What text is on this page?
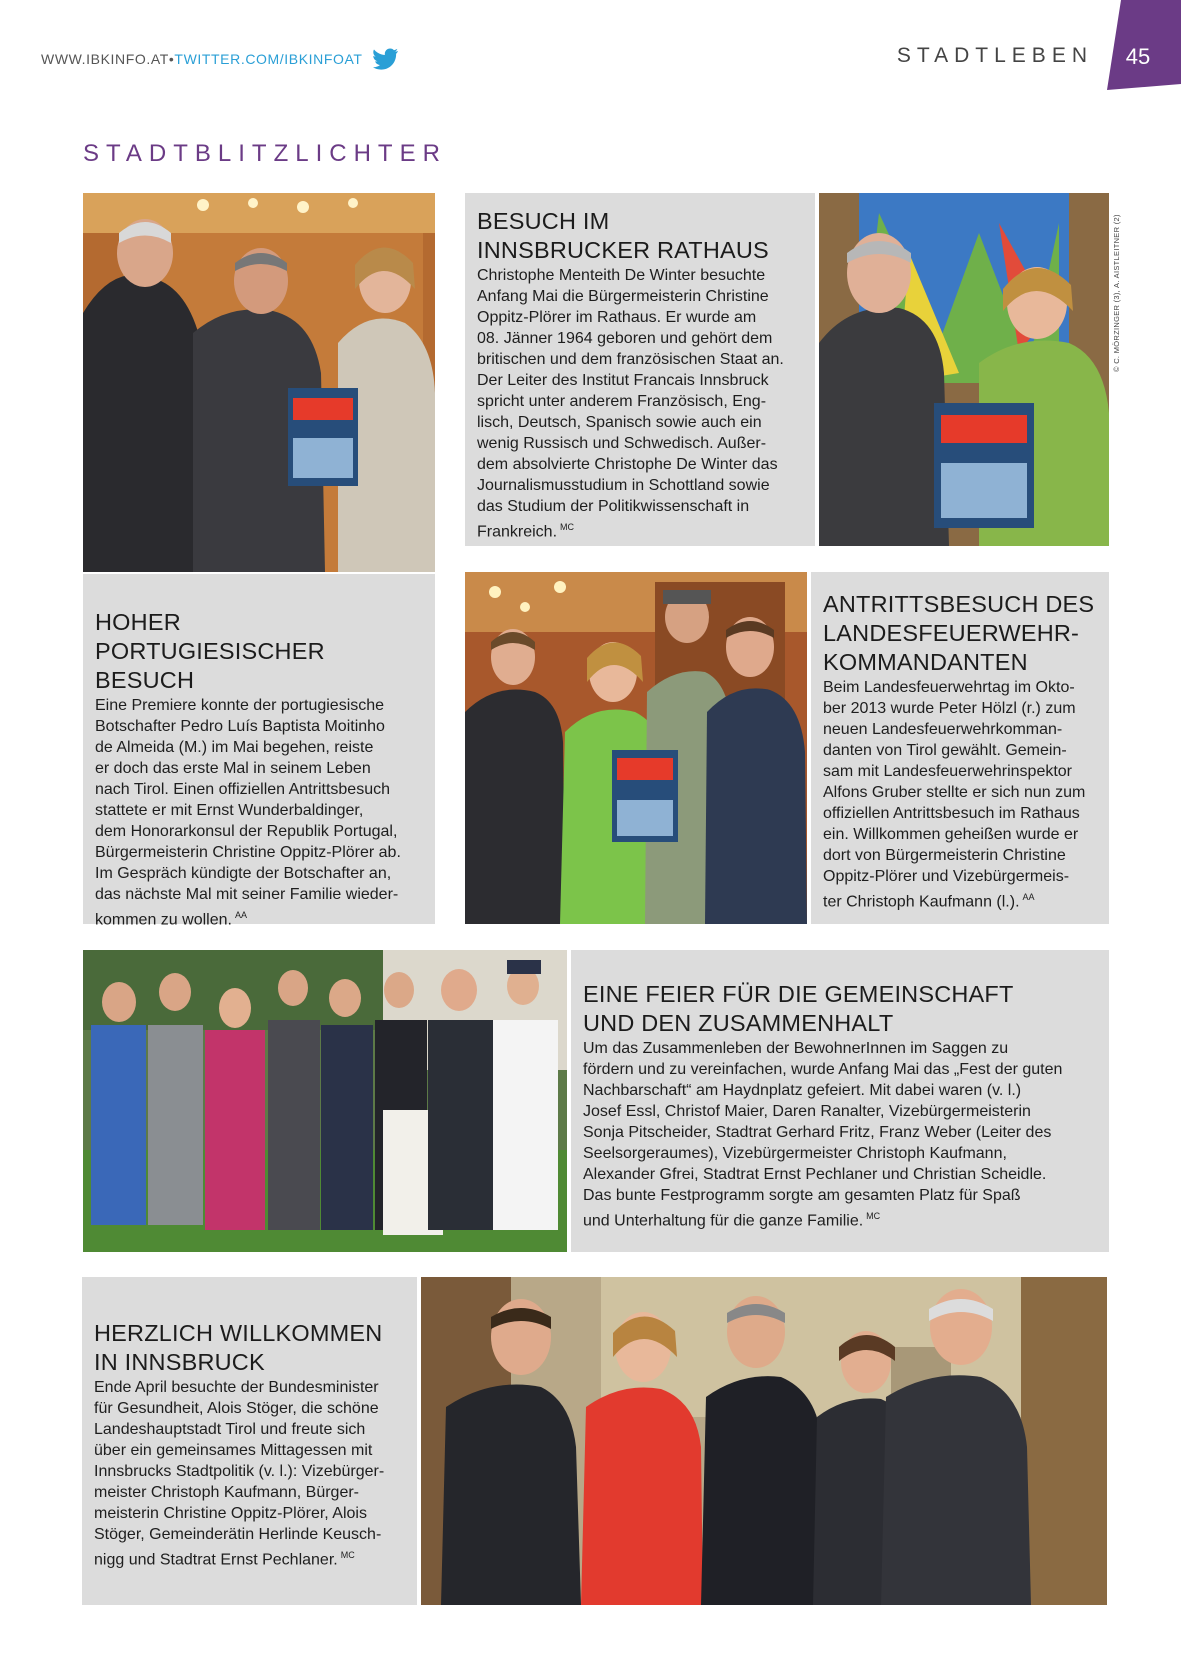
WWW.IBKINFO.AT • TWITTER.COM/IBKINFOAT	STADTLEBEN	45
STADTBLITZLICHTER
BESUCH IM
INNSBRUCKER RATHAUS

Christophe Menteith De Winter besuchte
Anfang Mai die Bürgermeisterin Christine
Oppitz-Plörer im Rathaus. Er wurde am
08. Jänner 1964 geboren und gehört dem
britischen und dem französischen Staat an.
Der Leiter des Institut Francais Innsbruck
spricht unter anderem Französisch, Eng-
lisch, Deutsch, Spanisch sowie auch ein
wenig Russisch und Schwedisch. Außer-
dem absolvierte Christophe De Winter das
Journalismusstudium in Schottland sowie
das Studium der Politikwissenschaft in
Frankreich. $^{MC}$

© C. MÖRZINGER (3), A. AISTLEITNER (2)
HOHER
PORTUGIESISCHER BESUCH

Eine Premiere konnte der portugiesische
Botschafter Pedro Luís Baptista Moitinho
de Almeida (M.) im Mai begehen, reiste
er doch das erste Mal in seinem Leben
nach Tirol. Einen offiziellen Antrittsbesuch
stattete er mit Ernst Wunderbaldinger,
dem Honorarkonsul der Republik Portugal,
Bürgermeisterin Christine Oppitz-Plörer ab.
Im Gespräch kündigte der Botschafter an,
das nächste Mal mit seiner Familie wieder-
kommen zu wollen. $^{AA}$

ANTRITTSBESUCH DES
LANDESFEUERWEHR-
KOMMANDANTEN

Beim Landesfeuerwehrtag im Okto-
ber 2013 wurde Peter Hölzl (r.) zum
neuen Landesfeuerwehrkomman-
danten von Tirol gewählt. Gemein-
sam mit Landesfeuerwehrinspektor
Alfons Gruber stellte er sich nun zum
offiziellen Antrittsbesuch im Rathaus
ein. Willkommen geheißen wurde er
dort von Bürgermeisterin Christine
Oppitz-Plörer und Vizebürgermeis-
ter Christoph Kaufmann (l.). $^{AA}$

EINE FEIER FÜR DIE GEMEINSCHAFT
UND DEN ZUSAMMENHALT

Um das Zusammenleben der BewohnerInnen im Saggen zu
fördern und zu vereinfachen, wurde Anfang Mai das „Fest der guten
Nachbarschaft“ am Haydnplatz gefeiert. Mit dabei waren (v. l.)
Josef Essl, Christof Maier, Daren Ranalter, Vizebürgermeisterin
Sonja Pitscheider, Stadtrat Gerhard Fritz, Franz Weber (Leiter des
Seelsorgeraumes), Vizebürgermeister Christoph Kaufmann,
Alexander Gfrei, Stadtrat Ernst Pechlaner und Christian Scheidle.
Das bunte Festprogramm sorgte am gesamten Platz für Spaß
und Unterhaltung für die ganze Familie. $^{MC}$

HERZLICH WILLKOMMEN
IN INNSBRUCK

Ende April besuchte der Bundesminister
für Gesundheit, Alois Stöger, die schöne
Landeshauptstadt Tirol und freute sich
über ein gemeinsames Mittagessen mit
Innsbrucks Stadtpolitik (v. l.): Vizebürger-
meister Christoph Kaufmann, Bürger-
meisterin Christine Oppitz-Plörer, Alois
Stöger, Gemeinderätin Herlinde Keusch-
nigg und Stadtrat Ernst Pechlaner. $^{MC}$
